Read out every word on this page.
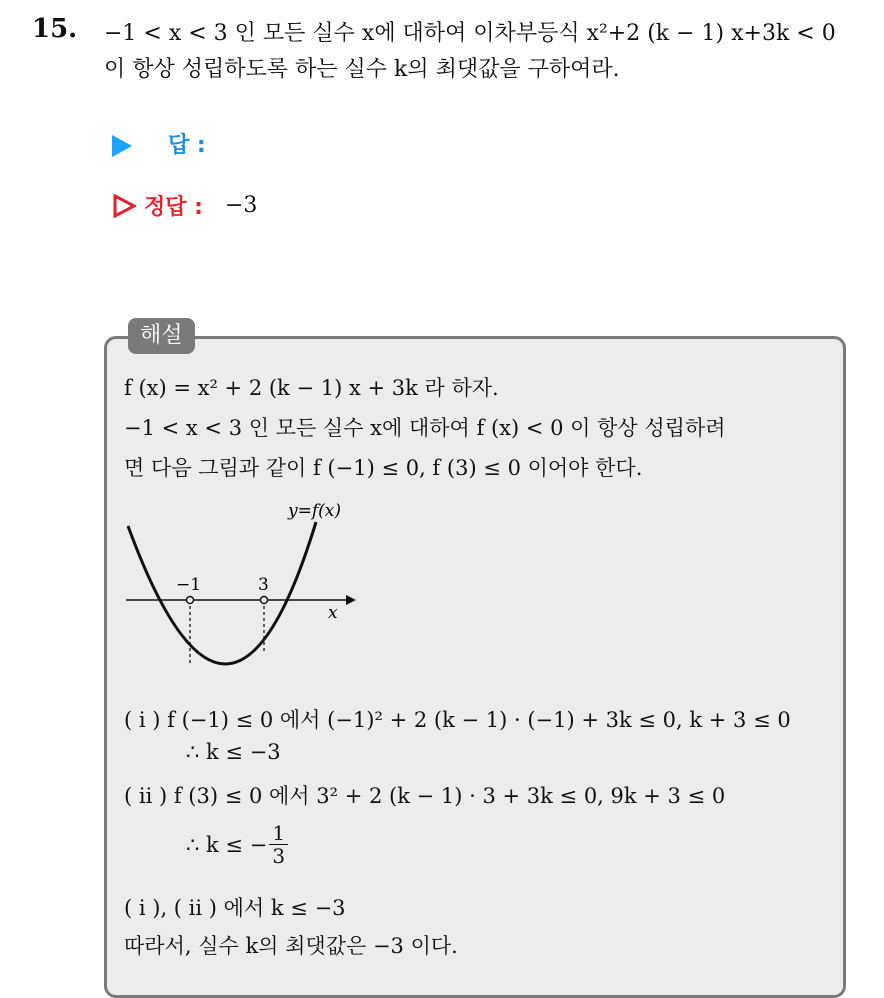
15. −1 < x < 3 인 모든 실수 x에 대하여 이차부등식 x²+2 (k − 1) x+3k < 0
이 항상 성립하도록 하는 실수 k의 최댓값을 구하여라.
답 :
정답 : −3
해설
f (x) = x² + 2 (k − 1) x + 3k 라 하자.
−1 < x < 3 인 모든 실수 x에 대하여 f (x) < 0 이 항상 성립하려
면 다음 그림과 같이 f (−1) ≤ 0, f (3) ≤ 0 이어야 한다.
−1	3
x
y=f(x)
( i ) f (−1) ≤ 0 에서 (−1)² + 2 (k − 1) · (−1) + 3k ≤ 0, k + 3 ≤ 0
∴ k ≤ −3
( ii ) f (3) ≤ 0 에서 3² + 2 (k − 1) · 3 + 3k ≤ 0, 9k + 3 ≤ 0
∴ k ≤ − $\frac{1}{3}$
( i ), ( ii ) 에서 k ≤ −3
따라서, 실수 k의 최댓값은 −3 이다.
